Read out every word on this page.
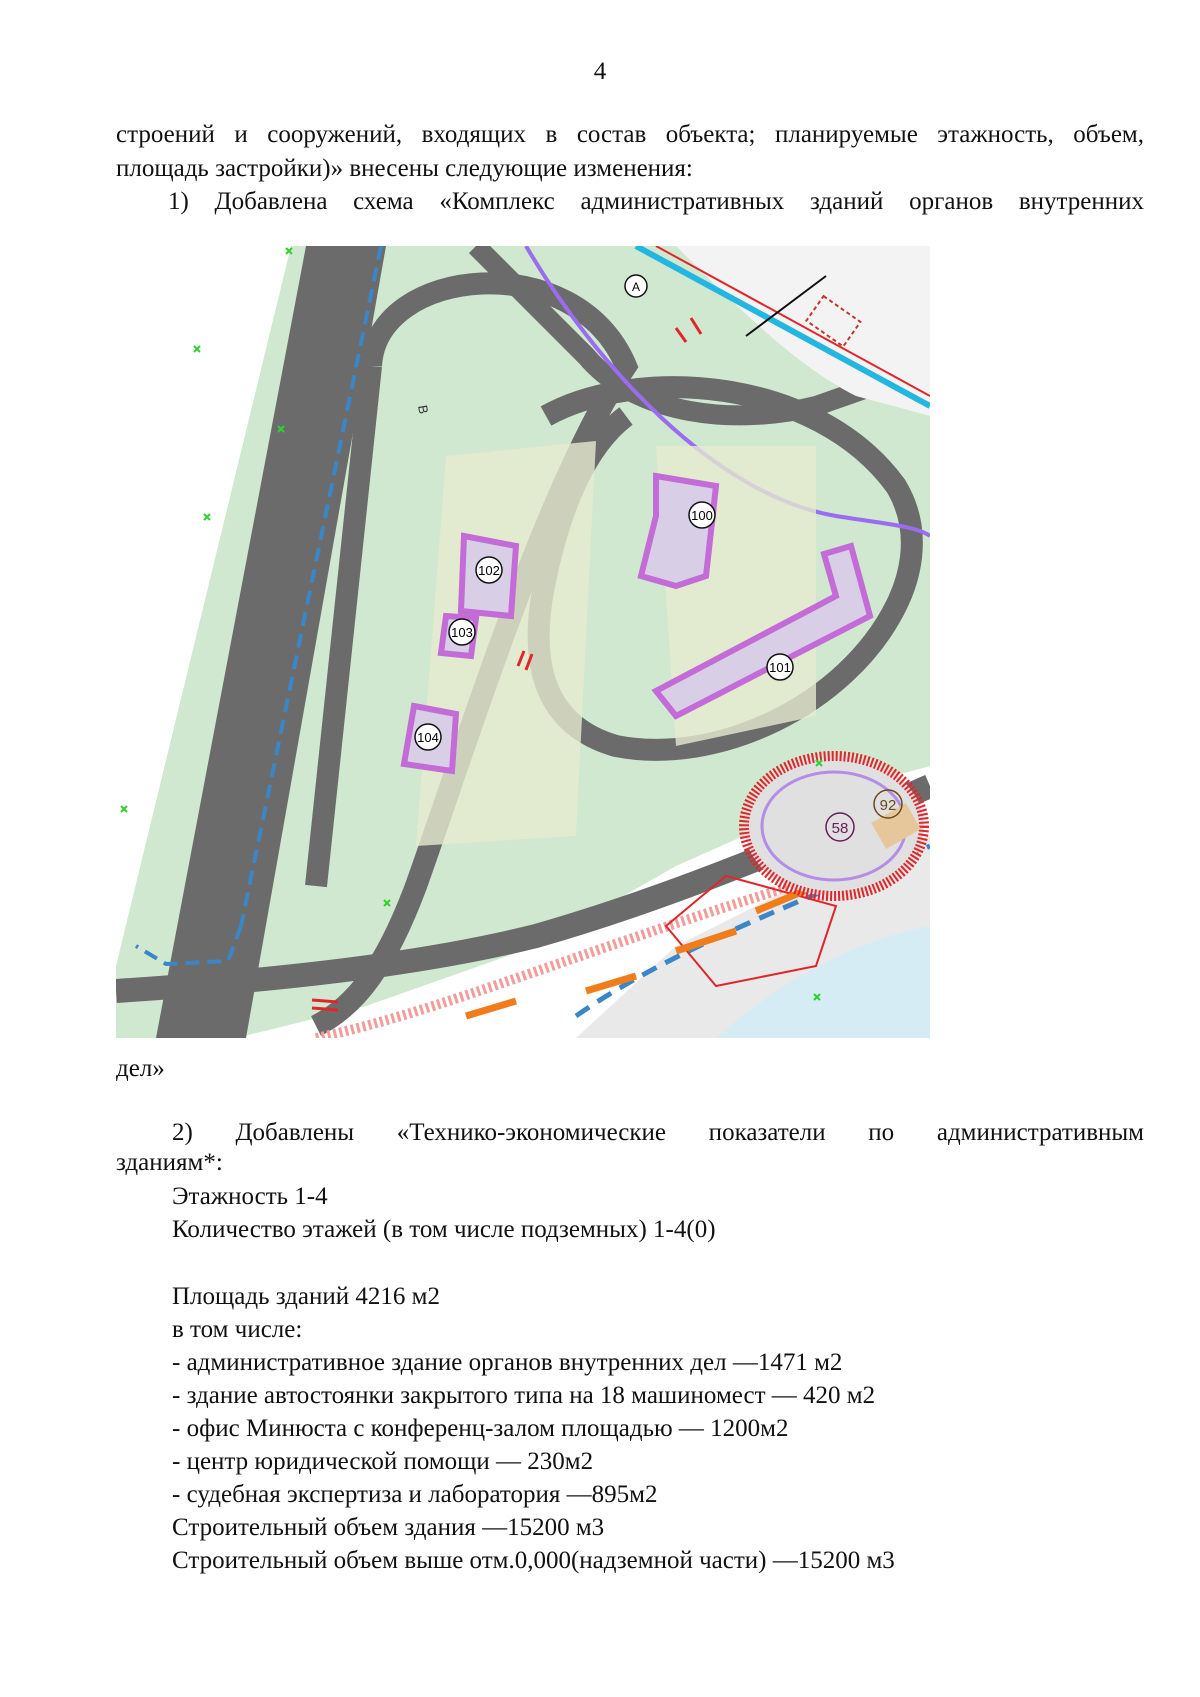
4
строений и сооружений, входящих в состав объекта; планируемые этажность, объем,
площадь застройки)» внесены следующие изменения:
1) Добавлена схема «Комплекс административных зданий органов внутренних
100
101
102
103
104
58
92
A
B
дел»
2) Добавлены «Технико-экономические показатели по административным
зданиям*:
Этажность 1-4
Количество этажей (в том числе подземных) 1-4(0)
Площадь зданий 4216 м2
в том числе:
- административное здание органов внутренних дел —1471 м2
- здание автостоянки закрытого типа на 18 машиномест — 420 м2
- офис Минюста с конференц-залом площадью — 1200м2
- центр юридической помощи — 230м2
- судебная экспертиза и лаборатория —895м2
Строительный объем здания —15200 м3
Строительный объем выше отм.0,000(надземной части) —15200 м3
